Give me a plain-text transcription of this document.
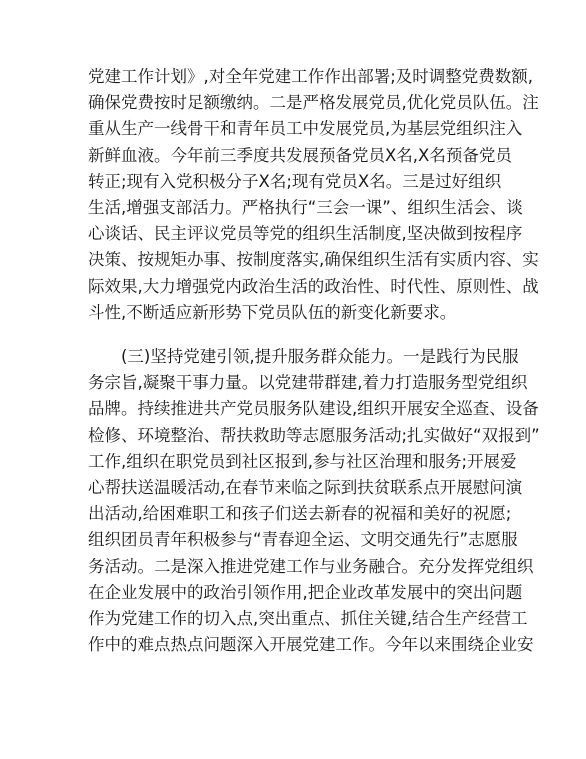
党建工作计划》,对全年党建工作作出部署;及时调整党费数额,
确保党费按时足额缴纳。二是严格发展党员,优化党员队伍。注
重从生产一线骨干和青年员工中发展党员,为基层党组织注入
新鲜血液。今年前三季度共发展预备党员X名,X名预备党员
转正;现有入党积极分子X名;现有党员X名。三是过好组织
生活,增强支部活力。严格执行“三会一课”、组织生活会、谈
心谈话、民主评议党员等党的组织生活制度,坚决做到按程序
决策、按规矩办事、按制度落实,确保组织生活有实质内容、实
际效果,大力增强党内政治生活的政治性、时代性、原则性、战
斗性,不断适应新形势下党员队伍的新变化新要求。
(三)坚持党建引领,提升服务群众能力。一是践行为民服
务宗旨,凝聚干事力量。以党建带群建,着力打造服务型党组织
品牌。持续推进共产党员服务队建设,组织开展安全巡查、设备
检修、环境整治、帮扶救助等志愿服务活动;扎实做好“双报到”
工作,组织在职党员到社区报到,参与社区治理和服务;开展爱
心帮扶送温暖活动,在春节来临之际到扶贫联系点开展慰问演
出活动,给困难职工和孩子们送去新春的祝福和美好的祝愿;
组织团员青年积极参与“青春迎全运、文明交通先行”志愿服
务活动。二是深入推进党建工作与业务融合。充分发挥党组织
在企业发展中的政治引领作用,把企业改革发展中的突出问题
作为党建工作的切入点,突出重点、抓住关键,结合生产经营工
作中的难点热点问题深入开展党建工作。今年以来围绕企业安
